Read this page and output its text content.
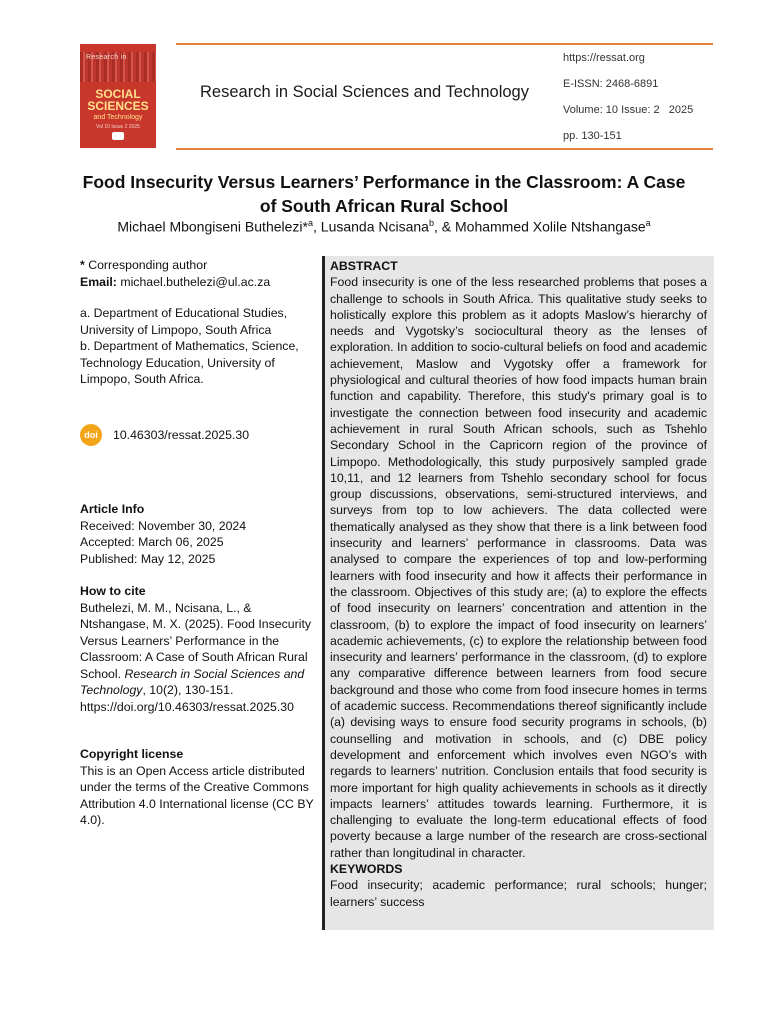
Research in
SOCIAL
SCIENCES
and Technology
Vol 10 Issue 2 2025
Research in Social Sciences and Technology
https://ressat.org
E-ISSN: 2468-6891
Volume: 10 Issue: 2   2025
pp. 130-151
Food Insecurity Versus Learners’ Performance in the Classroom: A Case
of South African Rural School
Michael Mbongiseni Buthelezi*$^a$, Lusanda Ncisana$^b$, & Mohammed Xolile Ntshangase$^a$

* Corresponding author

Email: michael.buthelezi@ul.ac.za

a. Department of Educational Studies, University of Limpopo, South Africa

b. Department of Mathematics, Science, Technology Education, University of Limpopo, South Africa.

doi	10.46303/ressat.2025.30

Article Info

Received: November 30, 2024

Accepted: March 06, 2025

Published: May 12, 2025

How to cite

Buthelezi, M. M., Ncisana, L., & Ntshangase, M. X. (2025). Food Insecurity Versus Learners’ Performance in the Classroom: A Case of South African Rural School. Research in Social Sciences and Technology, 10(2), 130-151. https://doi.org/10.46303/ressat.2025.30

Copyright license

This is an Open Access article distributed under the terms of the Creative Commons Attribution 4.0 International license (CC BY 4.0).

ABSTRACT
Food insecurity is one of the less researched problems that poses a challenge to schools in South Africa. This qualitative study seeks to holistically explore this problem as it adopts Maslow’s hierarchy of needs and Vygotsky’s sociocultural theory as the lenses of exploration. In addition to socio-cultural beliefs on food and academic achievement, Maslow and Vygotsky offer a framework for physiological and cultural theories of how food impacts human brain function and capability. Therefore, this study's primary goal is to investigate the connection between food insecurity and academic achievement in rural South African schools, such as Tshehlo Secondary School in the Capricorn region of the province of Limpopo. Methodologically, this study purposively sampled grade 10,11, and 12 learners from Tshehlo secondary school for focus group discussions, observations, semi-structured interviews, and surveys from top to low achievers. The data collected were thematically analysed as they show that there is a link between food insecurity and learners’ performance in classrooms. Data was analysed to compare the experiences of top and low-performing learners with food insecurity and how it affects their performance in the classroom. Objectives of this study are; (a) to explore the effects of food insecurity on learners’ concentration and attention in the classroom, (b) to explore the impact of food insecurity on learners’ academic achievements, (c) to explore the relationship between food insecurity and learners’ performance in the classroom, (d) to explore any comparative difference between learners from food secure background and those who come from food insecure homes in terms of academic success. Recommendations thereof significantly include (a) devising ways to ensure food security programs in schools, (b) counselling and motivation in schools, and (c) DBE policy development and enforcement which involves even NGO’s with regards to learners’ nutrition. Conclusion entails that food security is more important for high quality achievements in schools as it directly impacts learners’ attitudes towards learning. Furthermore, it is challenging to evaluate the long-term educational effects of food poverty because a large number of the research are cross-sectional rather than longitudinal in character.
KEYWORDS
Food insecurity; academic performance; rural schools; hunger; learners’ success
